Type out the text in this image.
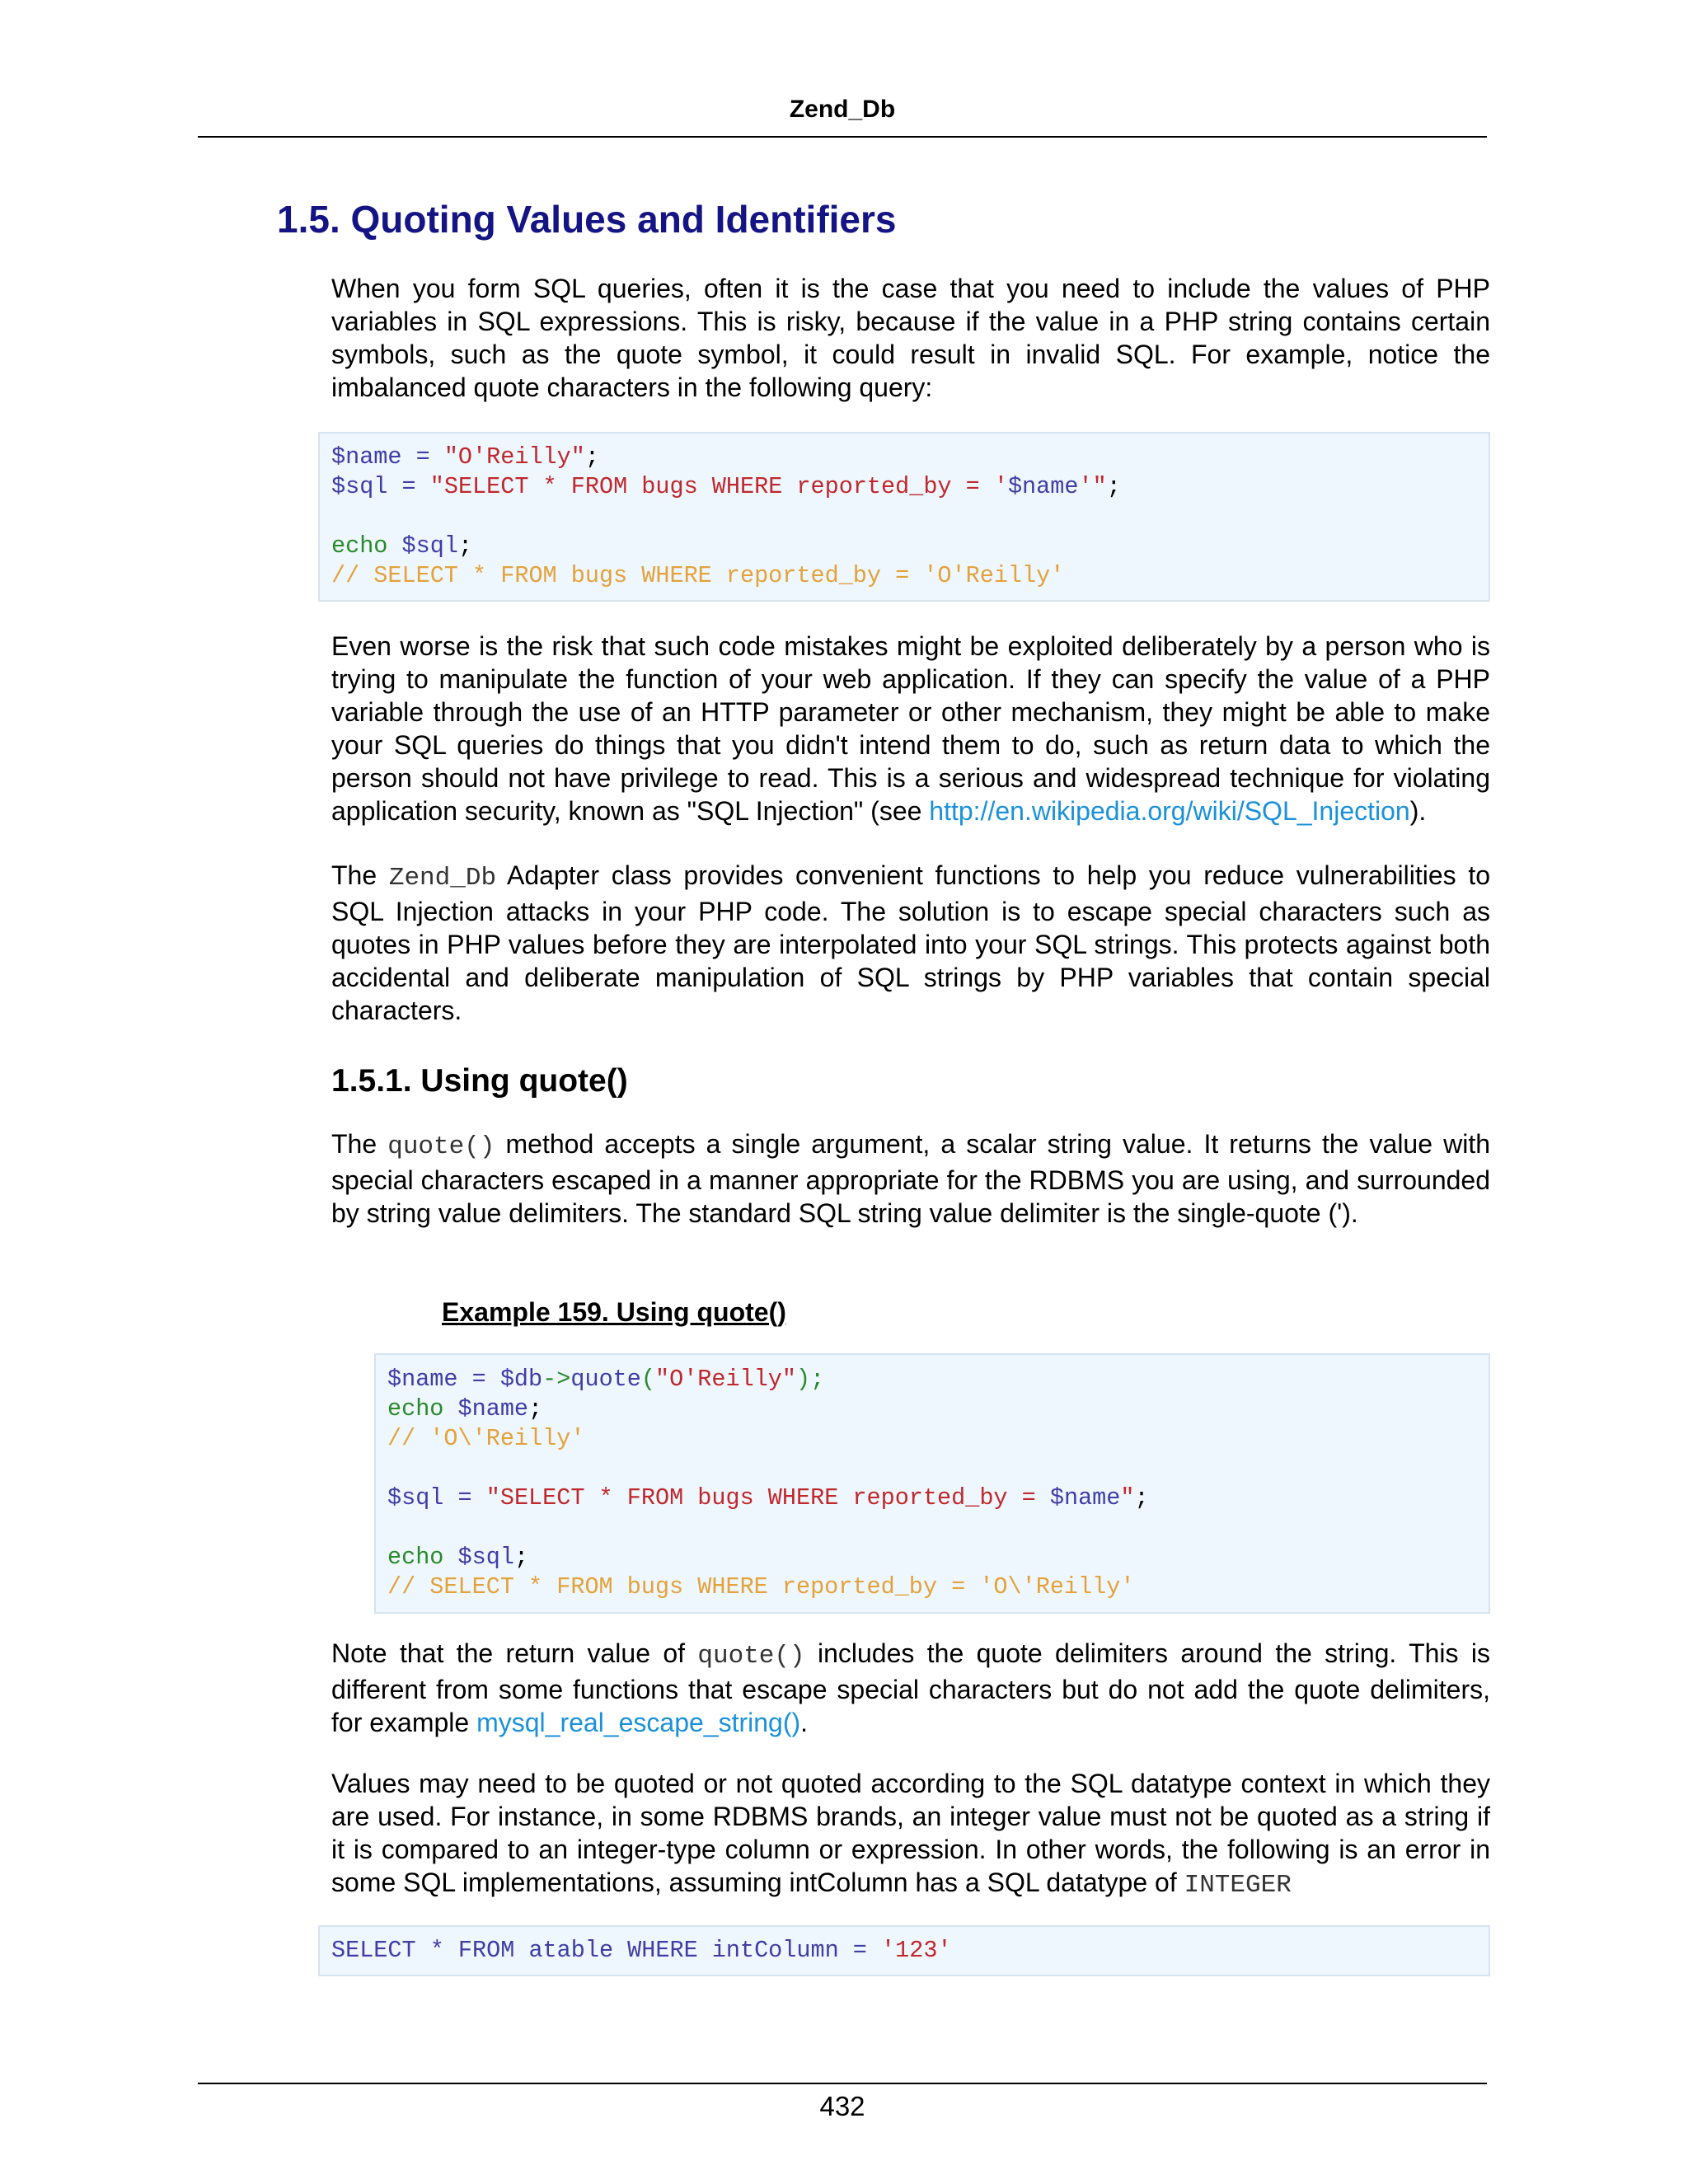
Zend_Db
1.5. Quoting Values and Identifiers

When you form SQL queries, often it is the case that you need to include the values of PHP variables in SQL expressions. This is risky, because if the value in a PHP string contains certain symbols, such as the quote symbol, it could result in invalid SQL. For example, notice the imbalanced quote characters in the following query:

$name = "O'Reilly";
$sql = "SELECT * FROM bugs WHERE reported_by = '$name'";
echo $sql;
// SELECT * FROM bugs WHERE reported_by = 'O'Reilly'

Even worse is the risk that such code mistakes might be exploited deliberately by a person who is trying to manipulate the function of your web application. If they can specify the value of a PHP variable through the use of an HTTP parameter or other mechanism, they might be able to make your SQL queries do things that you didn't intend them to do, such as return data to which the person should not have privilege to read. This is a serious and widespread technique for violating application security, known as "SQL Injection" (see http://en.wikipedia.org/wiki/SQL_Injection).

The Zend_Db Adapter class provides convenient functions to help you reduce vulnerabilities to SQL Injection attacks in your PHP code. The solution is to escape special characters such as quotes in PHP values before they are interpolated into your SQL strings. This protects against both accidental and deliberate manipulation of SQL strings by PHP variables that contain special characters.

1.5.1. Using quote()

The quote() method accepts a single argument, a scalar string value. It returns the value with special characters escaped in a manner appropriate for the RDBMS you are using, and surrounded by string value delimiters. The standard SQL string value delimiter is the single-quote (').

Example 159. Using quote()
$name = $db->quote("O'Reilly");
echo $name;
// 'O\'Reilly'
$sql = "SELECT * FROM bugs WHERE reported_by = $name";
echo $sql;
// SELECT * FROM bugs WHERE reported_by = 'O\'Reilly'

Note that the return value of quote() includes the quote delimiters around the string. This is different from some functions that escape special characters but do not add the quote delimiters, for example mysql_real_escape_string().

Values may need to be quoted or not quoted according to the SQL datatype context in which they are used. For instance, in some RDBMS brands, an integer value must not be quoted as a string if it is compared to an integer-type column or expression. In other words, the following is an error in some SQL implementations, assuming intColumn has a SQL datatype of INTEGER

SELECT * FROM atable WHERE intColumn = '123'
432
